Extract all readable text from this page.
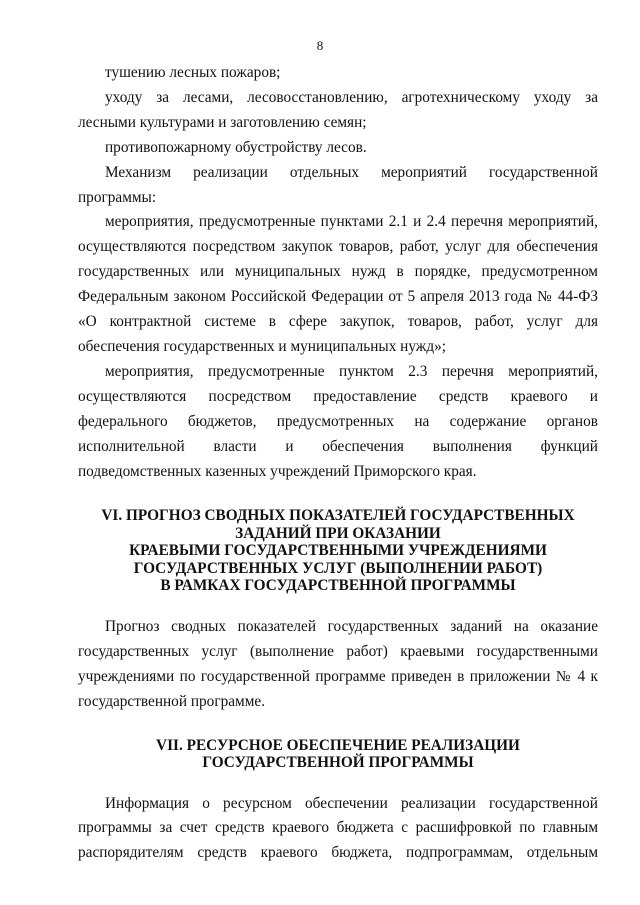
8

тушению лесных пожаров;

уходу за лесами, лесовосстановлению, агротехническому уходу за лесными культурами и заготовлению семян;

противопожарному обустройству лесов.

Механизм реализации отдельных мероприятий государственной программы:

мероприятия, предусмотренные пунктами 2.1 и 2.4 перечня мероприятий, осуществляются посредством закупок товаров, работ, услуг для обеспечения государственных или муниципальных нужд в порядке, предусмотренном Федеральным законом Российской Федерации от 5 апреля 2013 года № 44-ФЗ «О контрактной системе в сфере закупок, товаров, работ, услуг для обеспечения государственных и муниципальных нужд»;

мероприятия, предусмотренные пунктом 2.3 перечня мероприятий, осуществляются посредством предоставление средств краевого и федерального бюджетов, предусмотренных на содержание органов исполнительной власти и обеспечения выполнения функций подведомственных казенных учреждений Приморского края.

VI. ПРОГНОЗ СВОДНЫХ ПОКАЗАТЕЛЕЙ ГОСУДАРСТВЕННЫХ
ЗАДАНИЙ ПРИ ОКАЗАНИИ
КРАЕВЫМИ ГОСУДАРСТВЕННЫМИ УЧРЕЖДЕНИЯМИ
ГОСУДАРСТВЕННЫХ УСЛУГ (ВЫПОЛНЕНИИ РАБОТ)
В РАМКАХ ГОСУДАРСТВЕННОЙ ПРОГРАММЫ

Прогноз сводных показателей государственных заданий на оказание государственных услуг (выполнение работ) краевыми государственными учреждениями по государственной программе приведен в приложении № 4 к государственной программе.

VII. РЕСУРСНОЕ ОБЕСПЕЧЕНИЕ РЕАЛИЗАЦИИ
ГОСУДАРСТВЕННОЙ ПРОГРАММЫ

Информация о ресурсном обеспечении реализации государственной программы за счет средств краевого бюджета с расшифровкой по главным распорядителям средств краевого бюджета, подпрограммам, отдельным
